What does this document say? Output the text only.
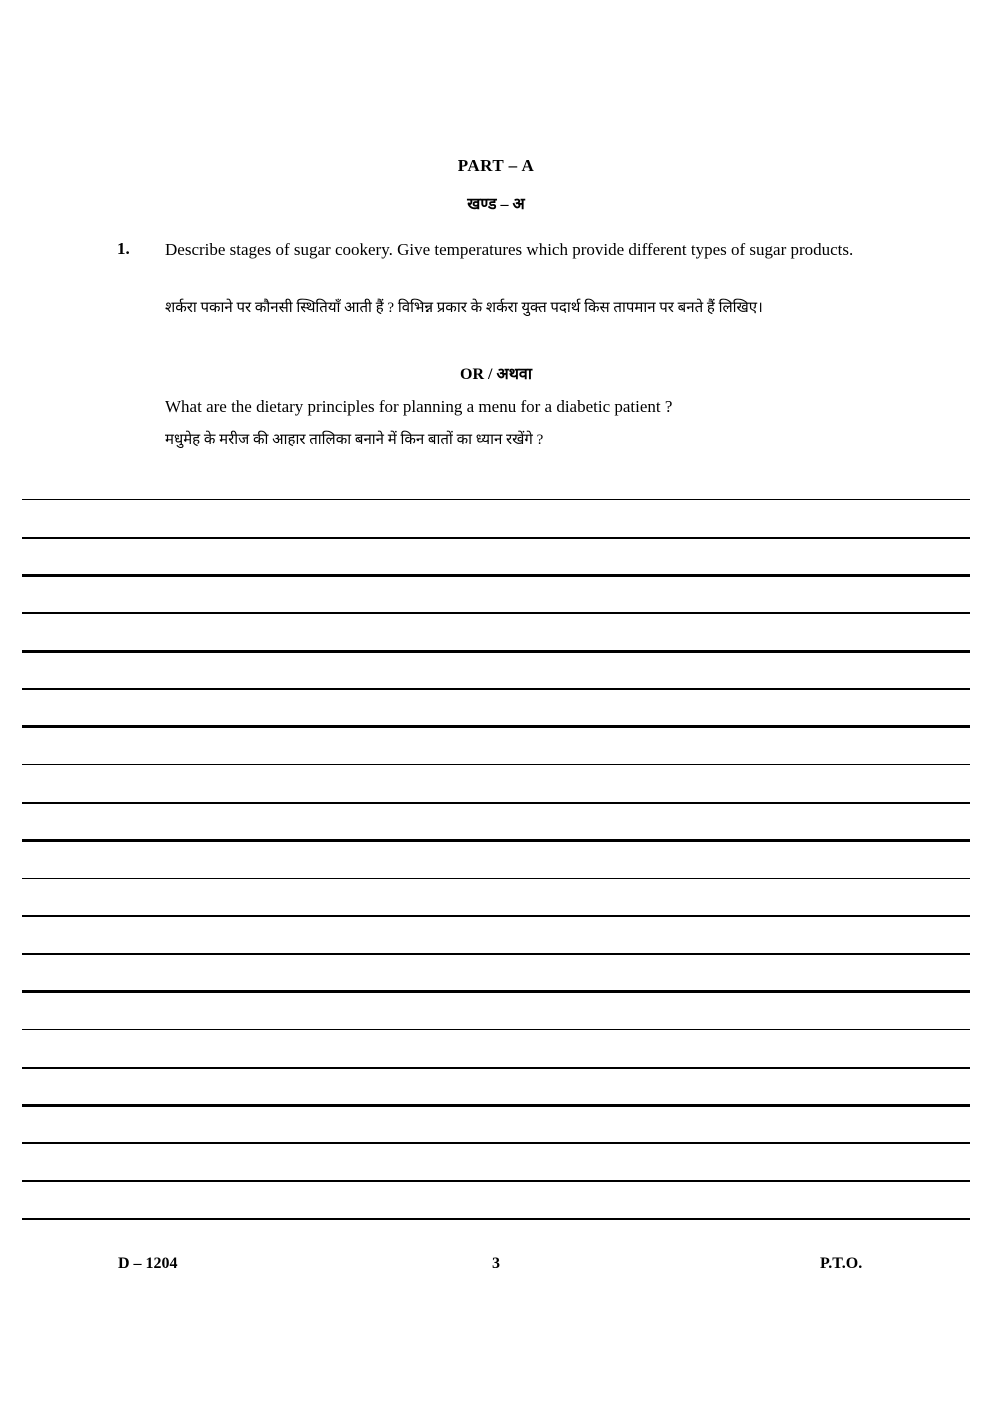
PART – A
खण्ड – अ
1. Describe stages of sugar cookery. Give temperatures which provide different types of sugar products.
शर्करा पकाने पर कौनसी स्थितियाँ आती हैं ? विभिन्न प्रकार के शर्करा युक्त पदार्थ किस तापमान पर बनते हैं लिखिए।
OR / अथवा
What are the dietary principles for planning a menu for a diabetic patient ?
मधुमेह के मरीज की आहार तालिका बनाने में किन बातों का ध्यान रखेंगे ?
D – 1204	3	P.T.O.
